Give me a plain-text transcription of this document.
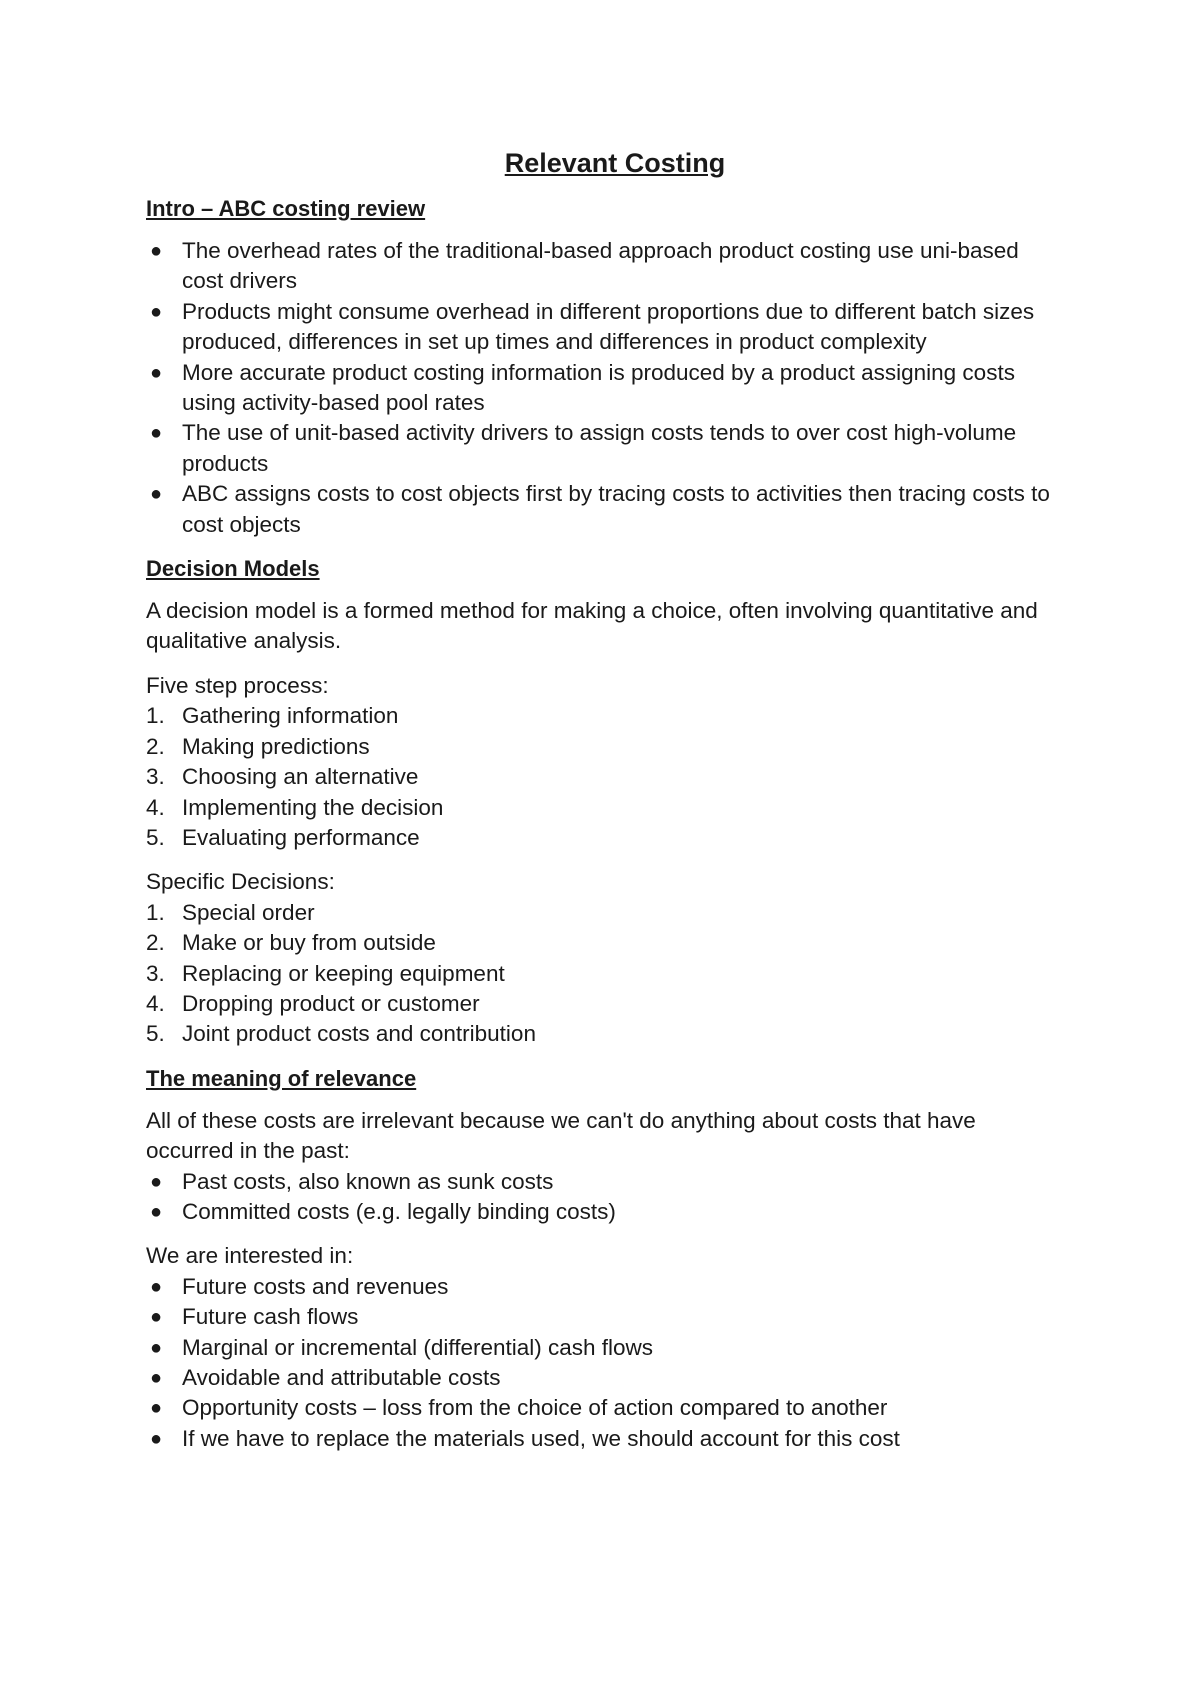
Relevant Costing
Intro – ABC costing review
● The overhead rates of the traditional-based approach product costing use uni-based cost drivers
● Products might consume overhead in different proportions due to different batch sizes produced, differences in set up times and differences in product complexity
● More accurate product costing information is produced by a product assigning costs using activity-based pool rates
● The use of unit-based activity drivers to assign costs tends to over cost high-volume products
● ABC assigns costs to cost objects first by tracing costs to activities then tracing costs to cost objects
Decision Models

A decision model is a formed method for making a choice, often involving quantitative and qualitative analysis.

Five step process:

1. Gathering information
2. Making predictions
3. Choosing an alternative
4. Implementing the decision
5. Evaluating performance

Specific Decisions:

1. Special order
2. Make or buy from outside
3. Replacing or keeping equipment
4. Dropping product or customer
5. Joint product costs and contribution
The meaning of relevance

All of these costs are irrelevant because we can't do anything about costs that have occurred in the past:

● Past costs, also known as sunk costs
● Committed costs (e.g. legally binding costs)

We are interested in:

● Future costs and revenues
● Future cash flows
● Marginal or incremental (differential) cash flows
● Avoidable and attributable costs
● Opportunity costs – loss from the choice of action compared to another
● If we have to replace the materials used, we should account for this cost
